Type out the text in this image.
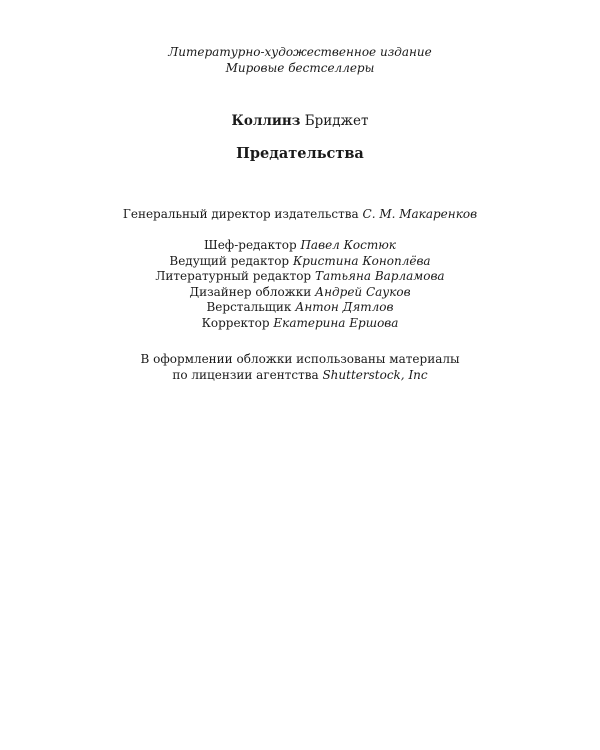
Литературно-художественное издание
Мировые бестселлеры
Коллинз Бриджет
Предательства
Генеральный директор издательства С. М. Макаренков
Шеф-редактор Павел Костюк
Ведущий редактор Кристина Коноплёва
Литературный редактор Татьяна Варламова
Дизайнер обложки Андрей Сауков
Верстальщик Антон Дятлов
Корректор Екатерина Ершова
В оформлении обложки использованы материалы
по лицензии агентства Shutterstock, Inc
